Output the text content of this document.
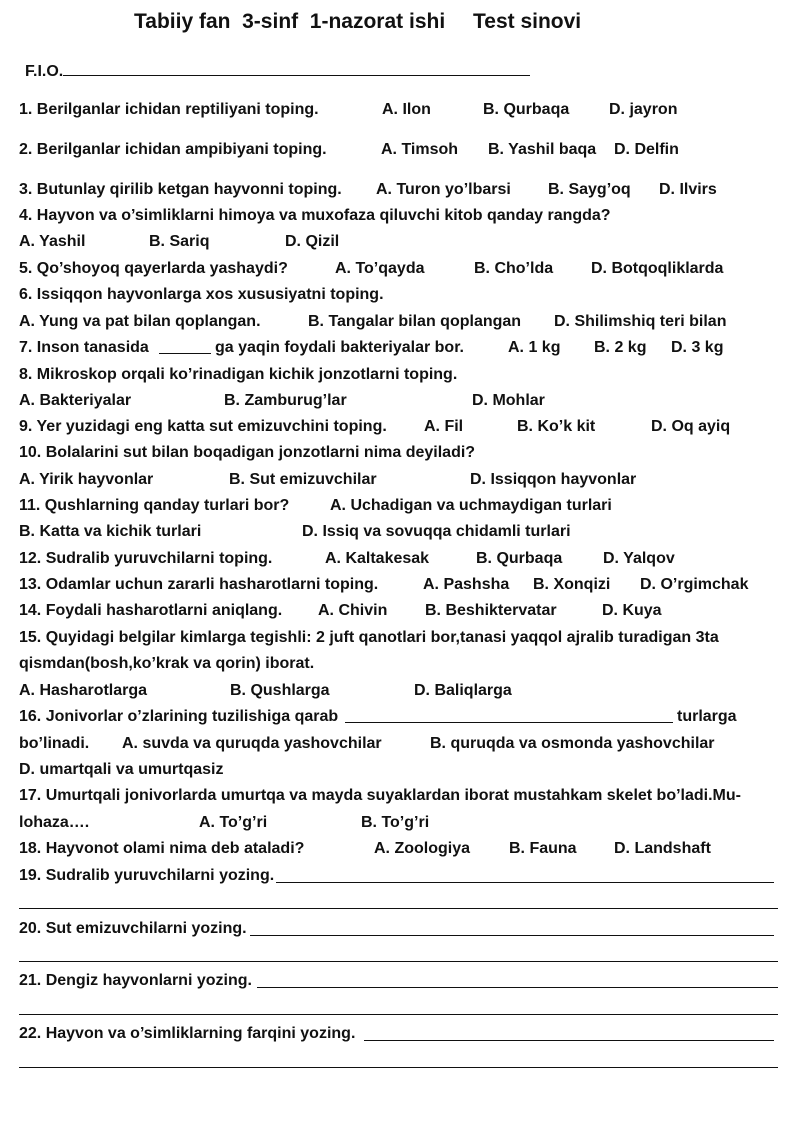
Tabiiy fan  3-sinf  1-nazorat ishi

Test sinovi

F.I.O.
1. Berilganlar ichidan reptiliyani toping.	A. Ilon	B. Qurbaqa D. jayron
2. Berilganlar ichidan ampibiyani toping.	A. Timsoh B. Yashil baqa D. Delfin
3. Butunlay qirilib ketgan hayvonni toping. A. Turon yo’lbarsi B. Sayg’oq D. Ilvirs
4. Hayvon va o’simliklarni himoya va muxofaza qiluvchi kitob qanday rangda?
A. Yashil	B. Sariq	D. Qizil
5. Qo’shoyoq qayerlarda yashaydi?	A. To’qayda	B. Cho’lda D. Botqoqliklarda
6. Issiqqon hayvonlarga xos xususiyatni toping.
A. Yung va pat bilan qoplangan.	B. Tangalar bilan qoplangan D. Shilimshiq teri bilan
7. Inson tanasida	ga yaqin foydali bakteriyalar bor.	A. 1 kg B. 2 kg D. 3 kg
8. Mikroskop orqali ko’rinadigan kichik jonzotlarni toping.
A. Bakteriyalar	B. Zamburug’lar	D. Mohlar
9. Yer yuzidagi eng katta sut emizuvchini toping. A. Fil	B. Ko’k kit	D. Oq ayiq
10. Bolalarini sut bilan boqadigan jonzotlarni nima deyiladi?
A. Yirik hayvonlar	B. Sut emizuvchilar	D. Issiqqon hayvonlar
11. Qushlarning qanday turlari bor?	A. Uchadigan va uchmaydigan turlari
B. Katta va kichik turlari	D. Issiq va sovuqqa chidamli turlari
12. Sudralib yuruvchilarni toping.	A. Kaltakesak	B. Qurbaqa	D. Yalqov
13. Odamlar uchun zararli hasharotlarni toping.	A. Pashsha B. Xonqizi D. O’rgimchak
14. Foydali hasharotlarni aniqlang. A. Chivin B. Beshiktervatar	D. Kuya
15. Quyidagi belgilar kimlarga tegishli: 2 juft qanotlari bor,tanasi yaqqol ajralib turadigan 3ta
qismdan(bosh,ko’krak va qorin) iborat.
A. Hasharotlarga	B. Qushlarga	D. Baliqlarga
16. Jonivorlar o’zlarining tuzilishiga qarab	turlarga
bo’linadi. A. suvda va quruqda yashovchilar	B. quruqda va osmonda yashovchilar
D. umartqali va umurtqasiz
17. Umurtqali jonivorlarda umurtqa va mayda suyaklardan iborat mustahkam skelet bo’ladi.Mu-
lohaza….	A. To’g’ri	B. To’g’ri
18. Hayvonot olami nima deb ataladi?	A. Zoologiya B. Fauna D. Landshaft
19. Sudralib yuruvchilarni yozing.
20. Sut emizuvchilarni yozing.
21. Dengiz hayvonlarni yozing.
22. Hayvon va o’simliklarning farqini yozing.
